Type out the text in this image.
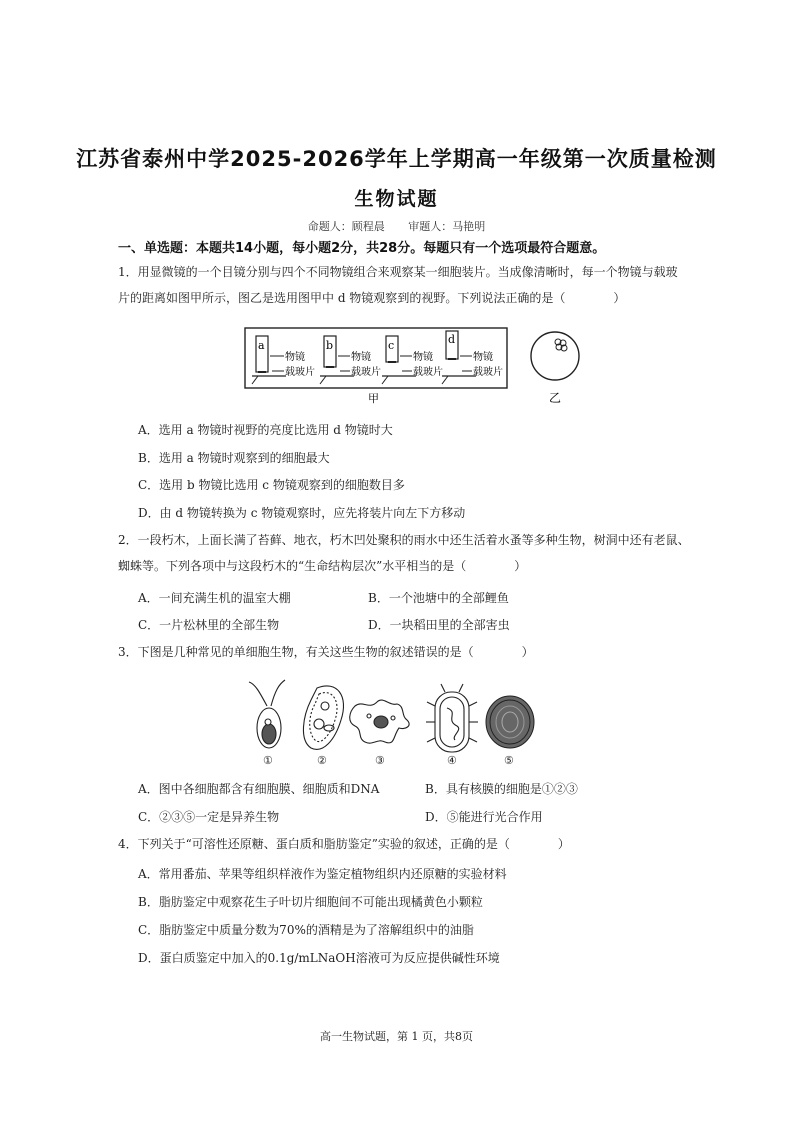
江苏省泰州中学2025-2026学年上学期高一年级第一次质量检测
生物试题
命题人：顾程晨 审题人：马艳明
一、单选题：本题共14小题，每小题2分，共28分。每题只有一个选项最符合题意。
1．用显微镜的一个目镜分别与四个不同物镜组合来观察某一细胞装片。当成像清晰时，每一个物镜与载玻
片的距离如图甲所示，图乙是选用图甲中 d 物镜观察到的视野。下列说法正确的是（　　　　）
a
物镜
载玻片
b
物镜
载玻片
c
物镜
载玻片
d
物镜
载玻片
甲	乙
A．选用 a 物镜时视野的亮度比选用 d 物镜时大
B．选用 a 物镜时观察到的细胞最大
C．选用 b 物镜比选用 c 物镜观察到的细胞数目多
D．由 d 物镜转换为 c 物镜观察时，应先将装片向左下方移动
2．一段朽木，上面长满了苔藓、地衣，朽木凹处聚积的雨水中还生活着水蚤等多种生物，树洞中还有老鼠、
蜘蛛等。下列各项中与这段朽木的“生命结构层次”水平相当的是（　　　　）
A．一间充满生机的温室大棚	B．一个池塘中的全部鲤鱼
C．一片松林里的全部生物	D．一块稻田里的全部害虫
3．下图是几种常见的单细胞生物，有关这些生物的叙述错误的是（　　　　）
①	②	③	④	⑤
A．图中各细胞都含有细胞膜、细胞质和DNA	B．具有核膜的细胞是①②③
C．②③⑤一定是异养生物	D．⑤能进行光合作用
4．下列关于“可溶性还原糖、蛋白质和脂肪鉴定”实验的叙述，正确的是（　　　　）
A．常用番茄、苹果等组织样液作为鉴定植物组织内还原糖的实验材料
B．脂肪鉴定中观察花生子叶切片细胞间不可能出现橘黄色小颗粒
C．脂肪鉴定中质量分数为70%的酒精是为了溶解组织中的油脂
D．蛋白质鉴定中加入的0.1g/mLNaOH溶液可为反应提供碱性环境
高一生物试题，第 1 页，共8页
